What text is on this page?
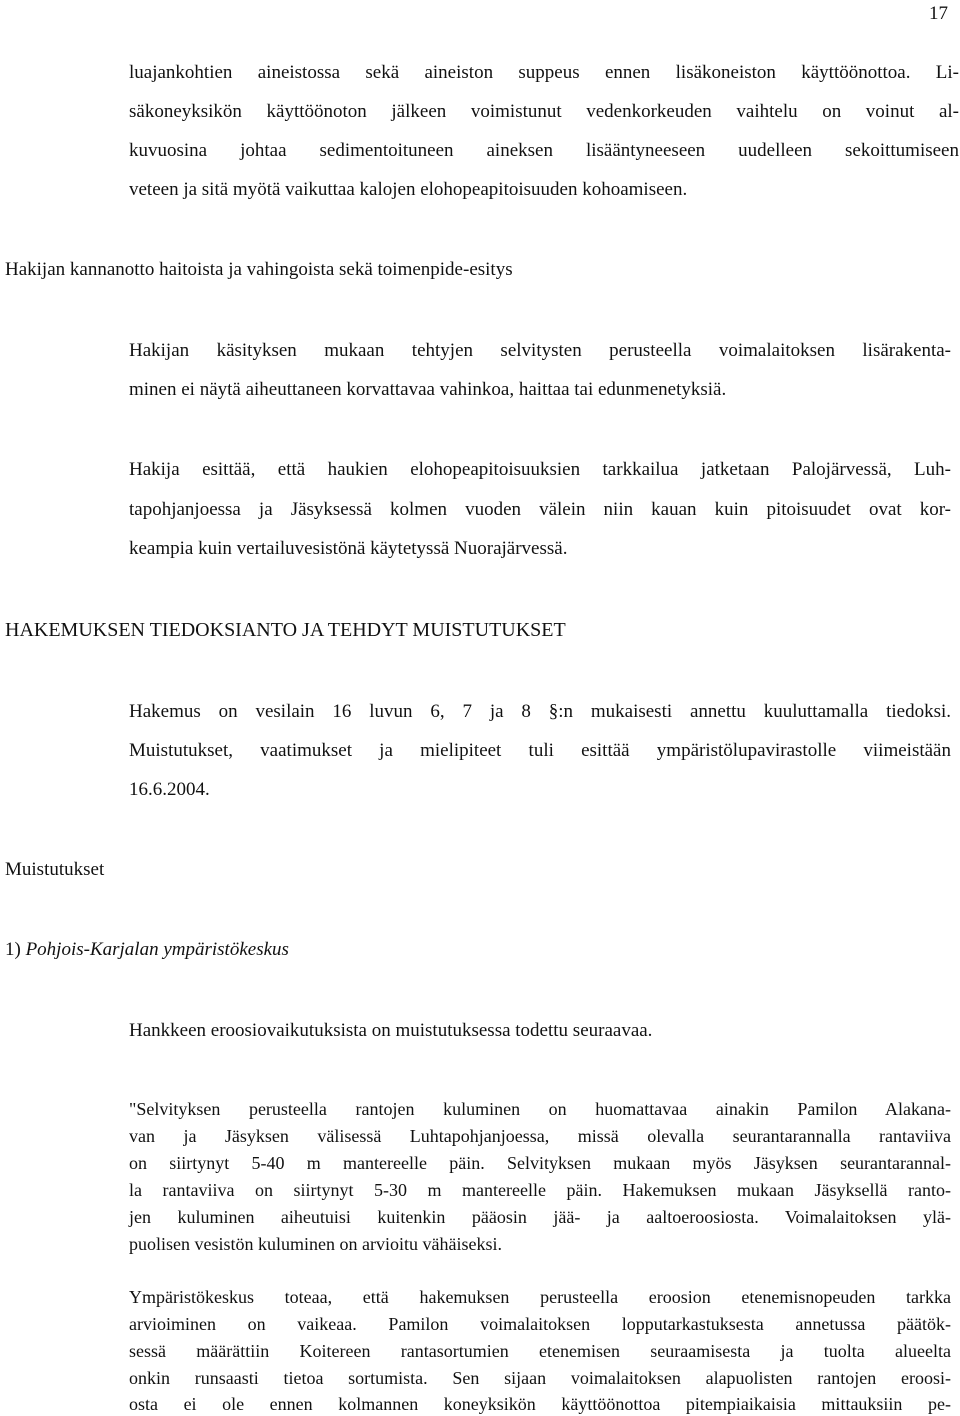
17
luajankohtien aineistossa sekä aineiston suppeus ennen lisäkoneiston käyttöönottoa. Li-
säkoneyksikön käyttöönoton jälkeen voimistunut vedenkorkeuden vaihtelu on voinut al-
kuvuosina johtaa sedimentoituneen aineksen lisääntyneeseen uudelleen sekoittumiseen
veteen ja sitä myötä vaikuttaa kalojen elohopeapitoisuuden kohoamiseen.
Hakijan kannanotto haitoista ja vahingoista sekä toimenpide-esitys
Hakijan käsityksen mukaan tehtyjen selvitysten perusteella voimalaitoksen lisärakenta-
minen ei näytä aiheuttaneen korvattavaa vahinkoa, haittaa tai edunmenetyksiä.
Hakija esittää, että haukien elohopeapitoisuuksien tarkkailua jatketaan Palojärvessä, Luh-
tapohjanjoessa ja Jäsyksessä kolmen vuoden välein niin kauan kuin pitoisuudet ovat kor-
keampia kuin vertailuvesistönä käytetyssä Nuorajärvessä.
HAKEMUKSEN TIEDOKSIANTO JA TEHDYT MUISTUTUKSET
Hakemus on vesilain 16 luvun 6, 7 ja 8 §:n mukaisesti annettu kuuluttamalla tiedoksi.
Muistutukset, vaatimukset ja mielipiteet tuli esittää ympäristölupavirastolle viimeistään
16.6.2004.
Muistutukset
1) Pohjois-Karjalan ympäristökeskus
Hankkeen eroosiovaikutuksista on muistutuksessa todettu seuraavaa.
"Selvityksen perusteella rantojen kuluminen on huomattavaa ainakin Pamilon Alakana-
van ja Jäsyksen välisessä Luhtapohjanjoessa, missä olevalla seurantarannalla rantaviiva
on siirtynyt 5-40 m mantereelle päin. Selvityksen mukaan myös Jäsyksen seurantarannal-
la rantaviiva on siirtynyt 5-30 m mantereelle päin. Hakemuksen mukaan Jäsyksellä ranto-
jen kuluminen aiheutuisi kuitenkin pääosin jää- ja aaltoeroosiosta. Voimalaitoksen ylä-
puolisen vesistön kuluminen on arvioitu vähäiseksi.
Ympäristökeskus toteaa, että hakemuksen perusteella eroosion etenemisnopeuden tarkka
arvioiminen on vaikeaa. Pamilon voimalaitoksen lopputarkastuksesta annetussa päätök-
sessä määrättiin Koitereen rantasortumien etenemisen seuraamisesta ja tuolta alueelta
onkin runsaasti tietoa sortumista. Sen sijaan voimalaitoksen alapuolisten rantojen eroosi-
osta ei ole ennen kolmannen koneyksikön käyttöönottoa pitempiaikaisia mittauksiin pe-
